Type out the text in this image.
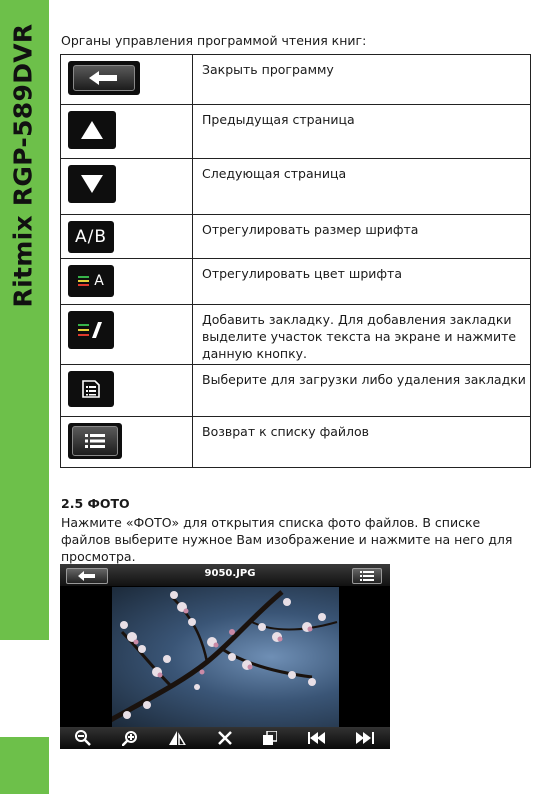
Ritmix RGP-589DVR Органы управления программой чтения книг:
	Закрыть программу

	Предыдущая страница

	Следующая страница

A/B	Отрегулировать размер шрифта

A	Отрегулировать цвет шрифта

	Добавить закладку. Для добавления закладки выделите участок текста на экране и нажмите данную кнопку.

	Выберите для загрузки либо удаления закладки

	Возврат к списку файлов
2.5 ФОТО
Нажмите «ФОТО» для открытия списка фото файлов. В списке файлов выберите нужное Вам изображение и нажмите на него для просмотра.
9050.JPG
